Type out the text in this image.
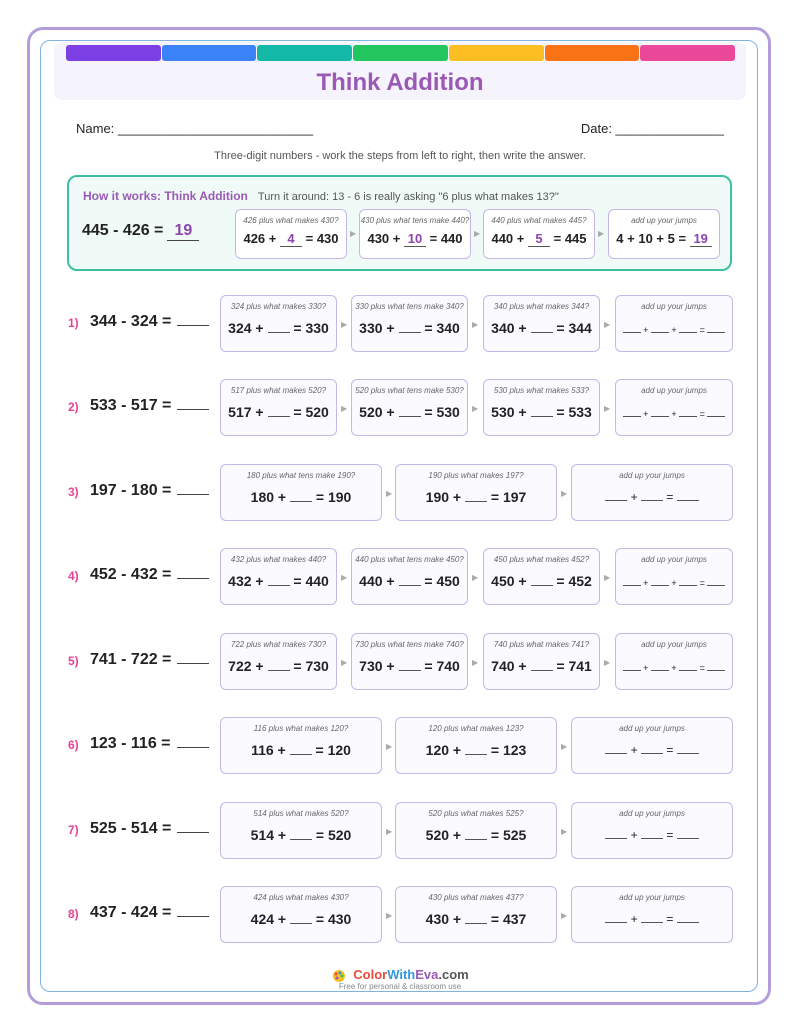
Think Addition
Name: ___________________________	Date: _______________
Three-digit numbers - work the steps from left to right, then write the answer.
How it works: Think Addition Turn it around: 13 - 6 is really asking "6 plus what makes 13?"
445 - 426 = 19
426 plus what makes 430?
426 + 4 = 430	▶
430 plus what tens make 440?
430 + 10 = 440	▶
440 plus what makes 445?
440 + 5 = 445	▶
add up your jumps
4 + 10 + 5 = 19
1) 344 - 324 =
324 plus what makes 330?
324 + = 330	▶
330 plus what tens make 340?
330 + = 340	▶
340 plus what makes 344?
340 + = 344	▶
add up your jumps
+  +  =
2) 533 - 517 =
517 plus what makes 520?
517 + = 520	▶
520 plus what tens make 530?
520 + = 530	▶
530 plus what makes 533?
530 + = 533	▶
add up your jumps
+  +  =
3) 197 - 180 =
180 plus what tens make 190?
180 + = 190	▶
190 plus what makes 197?
190 + = 197	▶
add up your jumps
+  =
4) 452 - 432 =
432 plus what makes 440?
432 + = 440	▶
440 plus what tens make 450?
440 + = 450	▶
450 plus what makes 452?
450 + = 452	▶
add up your jumps
+  +  =
5) 741 - 722 =
722 plus what makes 730?
722 + = 730	▶
730 plus what tens make 740?
730 + = 740	▶
740 plus what makes 741?
740 + = 741	▶
add up your jumps
+  +  =
6) 123 - 116 =
116 plus what makes 120?
116 + = 120	▶
120 plus what makes 123?
120 + = 123	▶
add up your jumps
+  =
7) 525 - 514 =
514 plus what makes 520?
514 + = 520	▶
520 plus what makes 525?
520 + = 525	▶
add up your jumps
+  =
8) 437 - 424 =
424 plus what makes 430?
424 + = 430	▶
430 plus what makes 437?
430 + = 437	▶
add up your jumps
+  =
ColorWithEva.com
Free for personal & classroom use
